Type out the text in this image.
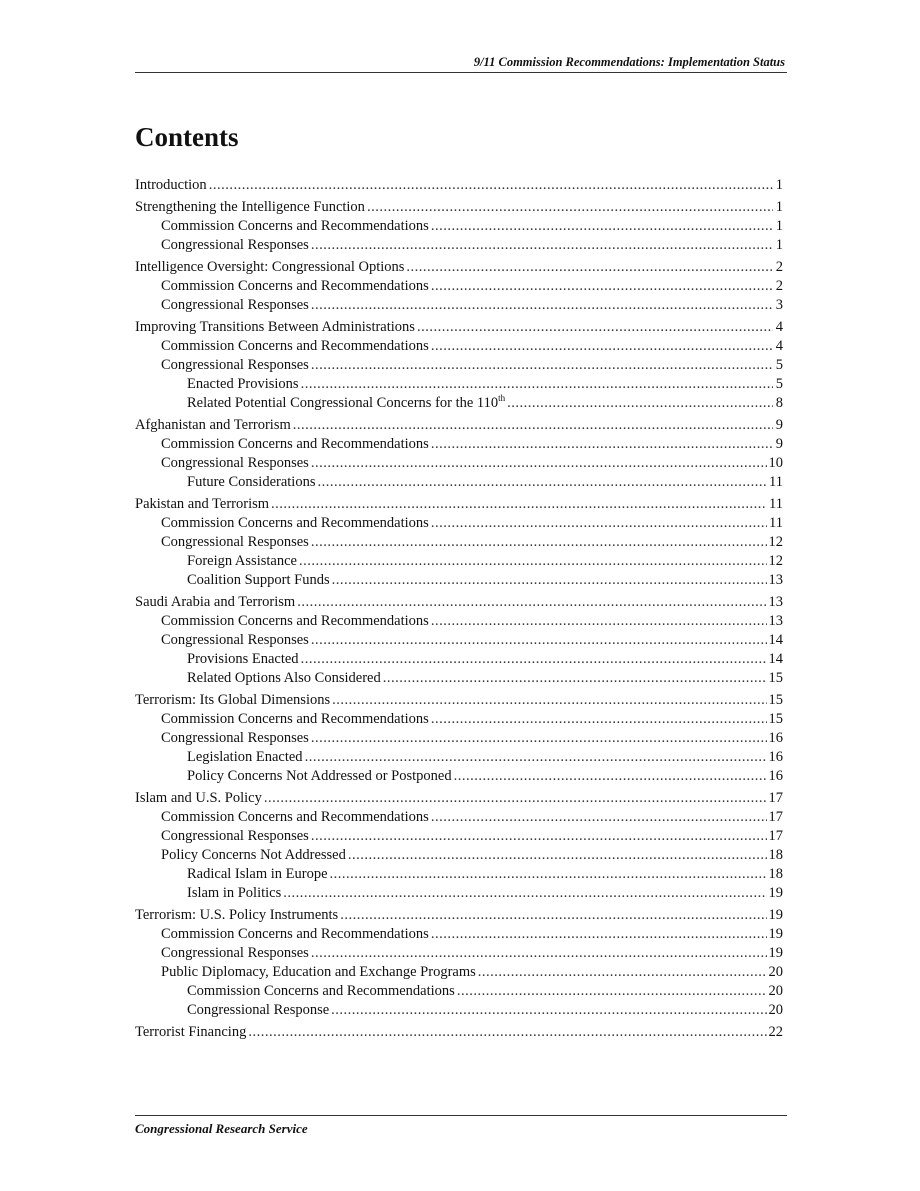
9/11 Commission Recommendations: Implementation Status
Contents
Introduction .....	1
Strengthening the Intelligence Function .....	1
Commission Concerns and Recommendations .....	1
Congressional Responses .....	1
Intelligence Oversight: Congressional Options .....	2
Commission Concerns and Recommendations .....	2
Congressional Responses .....	3
Improving Transitions Between Administrations .....	4
Commission Concerns and Recommendations .....	4
Congressional Responses .....	5
Enacted Provisions .....	5
Related Potential Congressional Concerns for the 110th .....	8
Afghanistan and Terrorism .....	9
Commission Concerns and Recommendations .....	9
Congressional Responses .....	10
Future Considerations .....	11
Pakistan and Terrorism .....	11
Commission Concerns and Recommendations .....	11
Congressional Responses .....	12
Foreign Assistance .....	12
Coalition Support Funds .....	13
Saudi Arabia and Terrorism .....	13
Commission Concerns and Recommendations .....	13
Congressional Responses .....	14
Provisions Enacted .....	14
Related Options Also Considered .....	15
Terrorism: Its Global Dimensions .....	15
Commission Concerns and Recommendations .....	15
Congressional Responses .....	16
Legislation Enacted .....	16
Policy Concerns Not Addressed or Postponed .....	16
Islam and U.S. Policy .....	17
Commission Concerns and Recommendations .....	17
Congressional Responses .....	17
Policy Concerns Not Addressed .....	18
Radical Islam in Europe .....	18
Islam in Politics .....	19
Terrorism: U.S. Policy Instruments .....	19
Commission Concerns and Recommendations .....	19
Congressional Responses .....	19
Public Diplomacy, Education and Exchange Programs .....	20
Commission Concerns and Recommendations .....	20
Congressional Response .....	20
Terrorist Financing .....	22
Congressional Research Service
